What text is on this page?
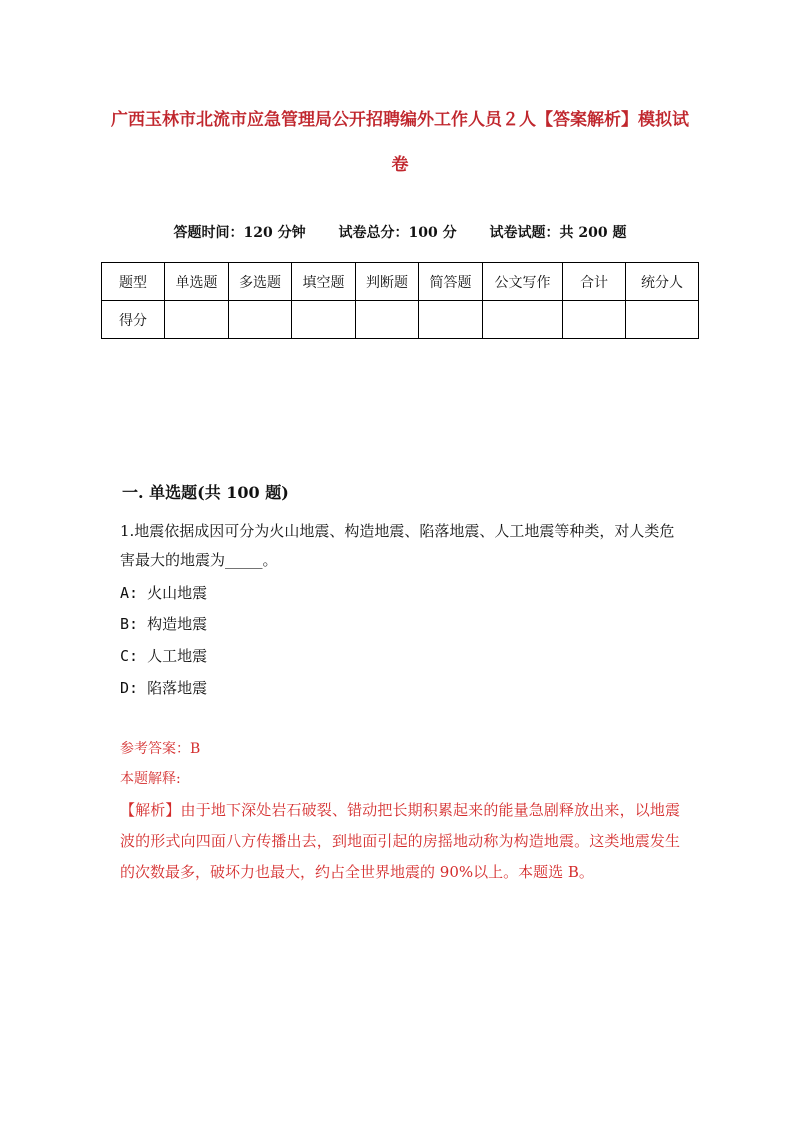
广西玉林市北流市应急管理局公开招聘编外工作人员２人【答案解析】模拟试卷
答题时间：120 分钟 试卷总分：100 分 试卷试题：共 200 题
题型	单选题	多选题	填空题	判断题	简答题	公文写作	合计	统分人
得分								
一. 单选题(共 100 题)
1.地震依据成因可分为火山地震、构造地震、陷落地震、人工地震等种类，对人类危害最大的地震为_____。
A: 火山地震
B: 构造地震
C: 人工地震
D: 陷落地震
参考答案：B
本题解释:
【解析】由于地下深处岩石破裂、错动把长期积累起来的能量急剧释放出来，以地震波的形式向四面八方传播出去，到地面引起的房摇地动称为构造地震。这类地震发生的次数最多，破坏力也最大，约占全世界地震的 90%以上。本题选 B。
